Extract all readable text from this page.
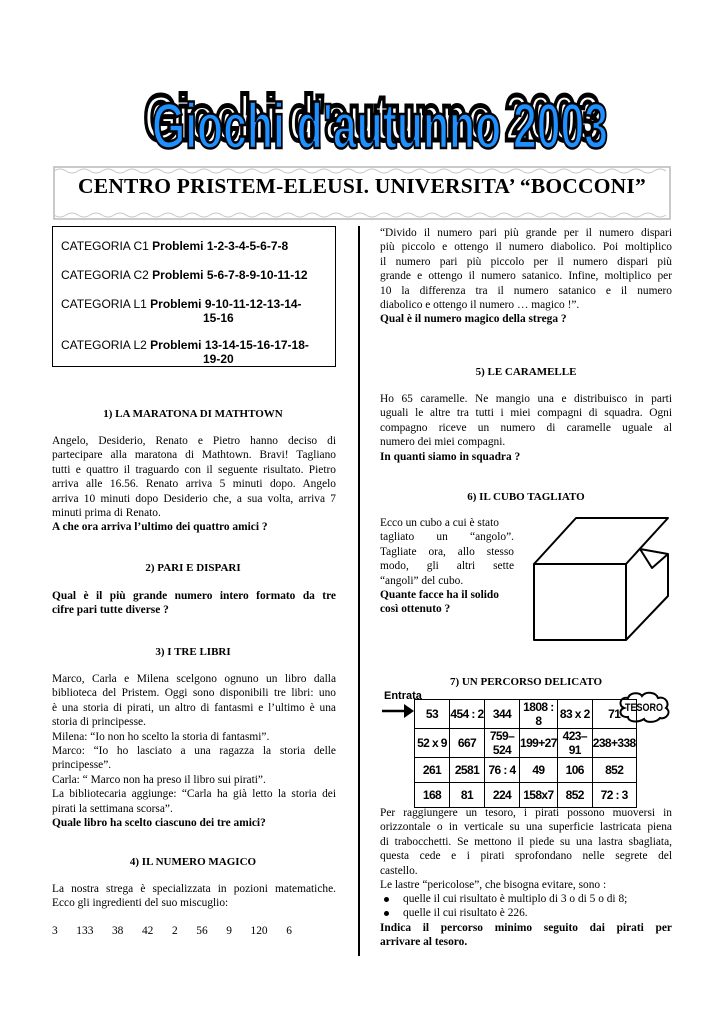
Giochi d'autunno 2003
Giochi d'autunno 2003
CENTRO PRISTEM-ELEUSI. UNIVERSITA’ “BOCCONI”
CATEGORIA C1 Problemi 1-2-3-4-5-6-7-8
CATEGORIA C2 Problemi 5-6-7-8-9-10-11-12
CATEGORIA L1 Problemi 9-10-11-12-13-14-
15-16
CATEGORIA L2 Problemi 13-14-15-16-17-18-
19-20
1) LA MARATONA DI MATHTOWN
Angelo, Desiderio, Renato e Pietro hanno deciso di
partecipare alla maratona di Mathtown. Bravi! Tagliano
tutti e quattro il traguardo con il seguente risultato. Pietro
arriva alle 16.56. Renato arriva 5 minuti dopo. Angelo
arriva 10 minuti dopo Desiderio che, a sua volta, arriva 7
minuti prima di Renato.
A che ora arriva l’ultimo dei quattro amici ?
2) PARI E DISPARI
Qual è il più grande numero intero formato da tre
cifre pari tutte diverse ?
3) I TRE LIBRI
Marco, Carla e Milena scelgono ognuno un libro dalla
biblioteca del Pristem. Oggi sono disponibili tre libri: uno
è una storia di pirati, un altro di fantasmi e l’ultimo è una
storia di principesse.
Milena: “Io non ho scelto la storia di fantasmi”.
Marco: “Io ho lasciato a una ragazza la storia delle
principesse”.
Carla: “ Marco non ha preso il libro sui pirati”.
La bibliotecaria aggiunge: “Carla ha già letto la storia dei
pirati la settimana scorsa”.
Quale libro ha scelto ciascuno dei tre amici?
4) IL NUMERO MAGICO
La nostra strega è specializzata in pozioni matematiche.
Ecco gli ingredienti del suo miscuglio:
3 133 38 42 2 56 9 120 6
“Divido il numero pari più grande per il numero dispari
più piccolo e ottengo il numero diabolico. Poi moltiplico
il numero pari più piccolo per il numero dispari più
grande e ottengo il numero satanico. Infine, moltiplico per
10 la differenza tra il numero satanico e il numero
diabolico e ottengo il numero … magico !”.
Qual è il numero magico della strega ?
5) LE CARAMELLE
Ho 65 caramelle. Ne mangio una e distribuisco in parti
uguali le altre tra tutti i miei compagni di squadra. Ogni
compagno riceve un numero di caramelle uguale al
numero dei miei compagni.
In quanti siamo in squadra ?
6) IL CUBO TAGLIATO
Ecco un cubo a cui è stato
tagliato un “angolo”.
Tagliate ora, allo stesso
modo, gli altri sette
“angoli” del cubo.
Quante facce ha il solido
così ottenuto ?
7) UN PERCORSO DELICATO
Entrata
TESORO
53	454 : 2	344	1808 : 8	83 x 2	71
52 x 9	667	759–524	199+27	423–91	238+338
261	2581	76 : 4	49	106	852
168	81	224	158x7	852	72 : 3
Per raggiungere un tesoro, i pirati possono muoversi in
orizzontale o in verticale su una superficie lastricata piena
di trabocchetti. Se mettono il piede su una lastra sbagliata,
questa cede e i pirati sprofondano nelle segrete del
castello.
Le lastre “pericolose”, che bisogna evitare, sono :
quelle il cui risultato è multiplo di 3 o di 5 o di 8;
quelle il cui risultato è 226.
Indica il percorso minimo seguito dai pirati per
arrivare al tesoro.
